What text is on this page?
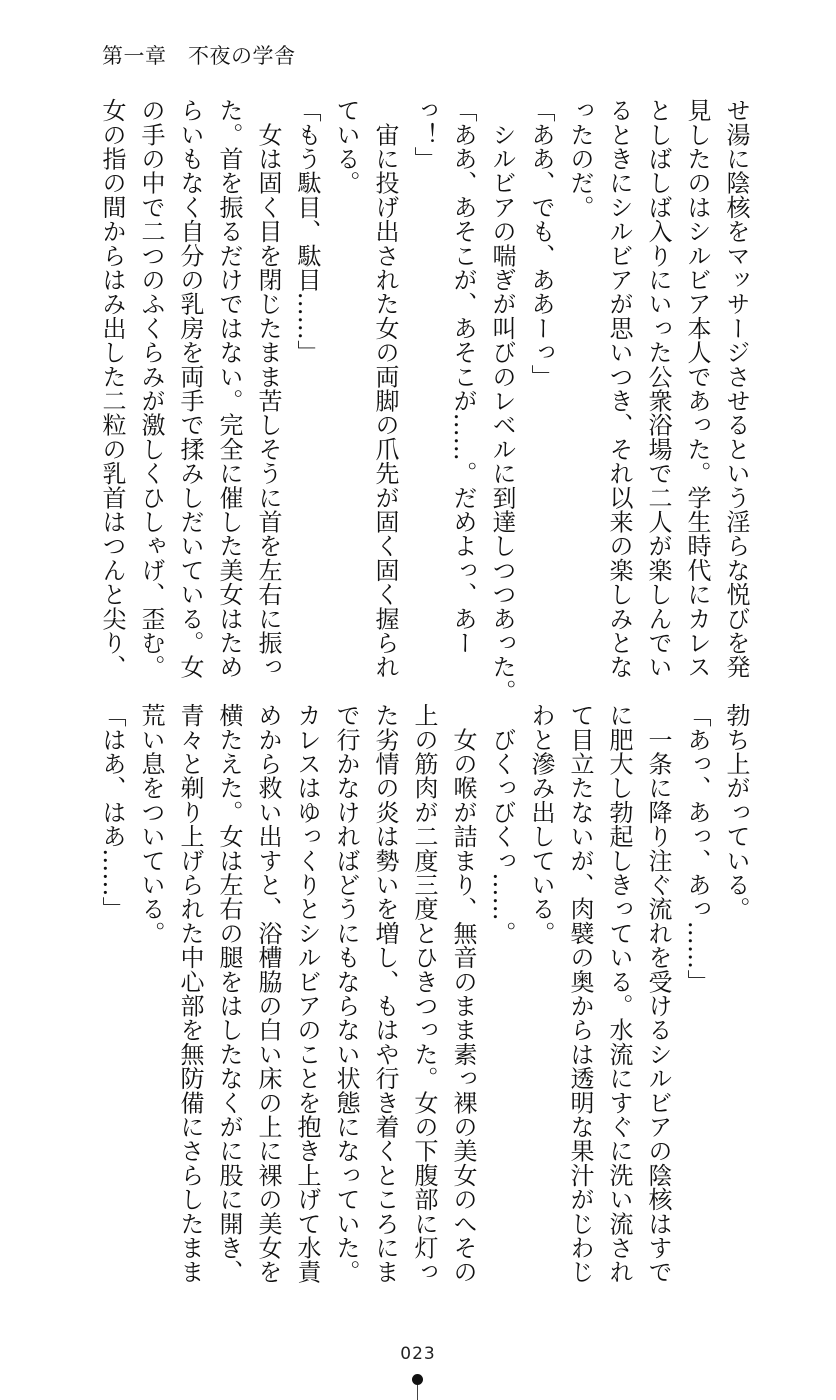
第一章　不夜の学舎

せ湯に陰核をマッサージさせるという淫らな悦びを発

見したのはシルビア本人であった。学生時代にカレス

としばしば入りにいった公衆浴場で二人が楽しんでい

るときにシルビアが思いつき、それ以来の楽しみとな

ったのだ。

「ああ、でも、ああーっ」

　シルビアの喘ぎが叫びのレベルに到達しつつあった。

「ああ、あそこが、あそこが……。だめよっ、あー

っ！」

　宙に投げ出された女の両脚の爪先が固く固く握られ

ている。

「もう駄目、駄目……」

　女は固く目を閉じたまま苦しそうに首を左右に振っ

た。首を振るだけではない。完全に催した美女はため

らいもなく自分の乳房を両手で揉みしだいている。女

の手の中で二つのふくらみが激しくひしゃげ、歪む。

女の指の間からはみ出した二粒の乳首はつんと尖り、

勃ち上がっている。

「あっ、あっ、あっ……」

　一条に降り注ぐ流れを受けるシルビアの陰核はすで

に肥大し勃起しきっている。水流にすぐに洗い流され

て目立たないが、肉襞の奥からは透明な果汁がじわじ

わと滲み出している。

　びくっびくっ……。

　女の喉が詰まり、無音のまま素っ裸の美女のへその

上の筋肉が二度三度とひきつった。女の下腹部に灯っ

た劣情の炎は勢いを増し、もはや行き着くところにま

で行かなければどうにもならない状態になっていた。

カレスはゆっくりとシルビアのことを抱き上げて水責

めから救い出すと、浴槽脇の白い床の上に裸の美女を

横たえた。女は左右の腿をはしたなくがに股に開き、

青々と剃り上げられた中心部を無防備にさらしたまま

荒い息をついている。

「はあ、はあ……」

023
